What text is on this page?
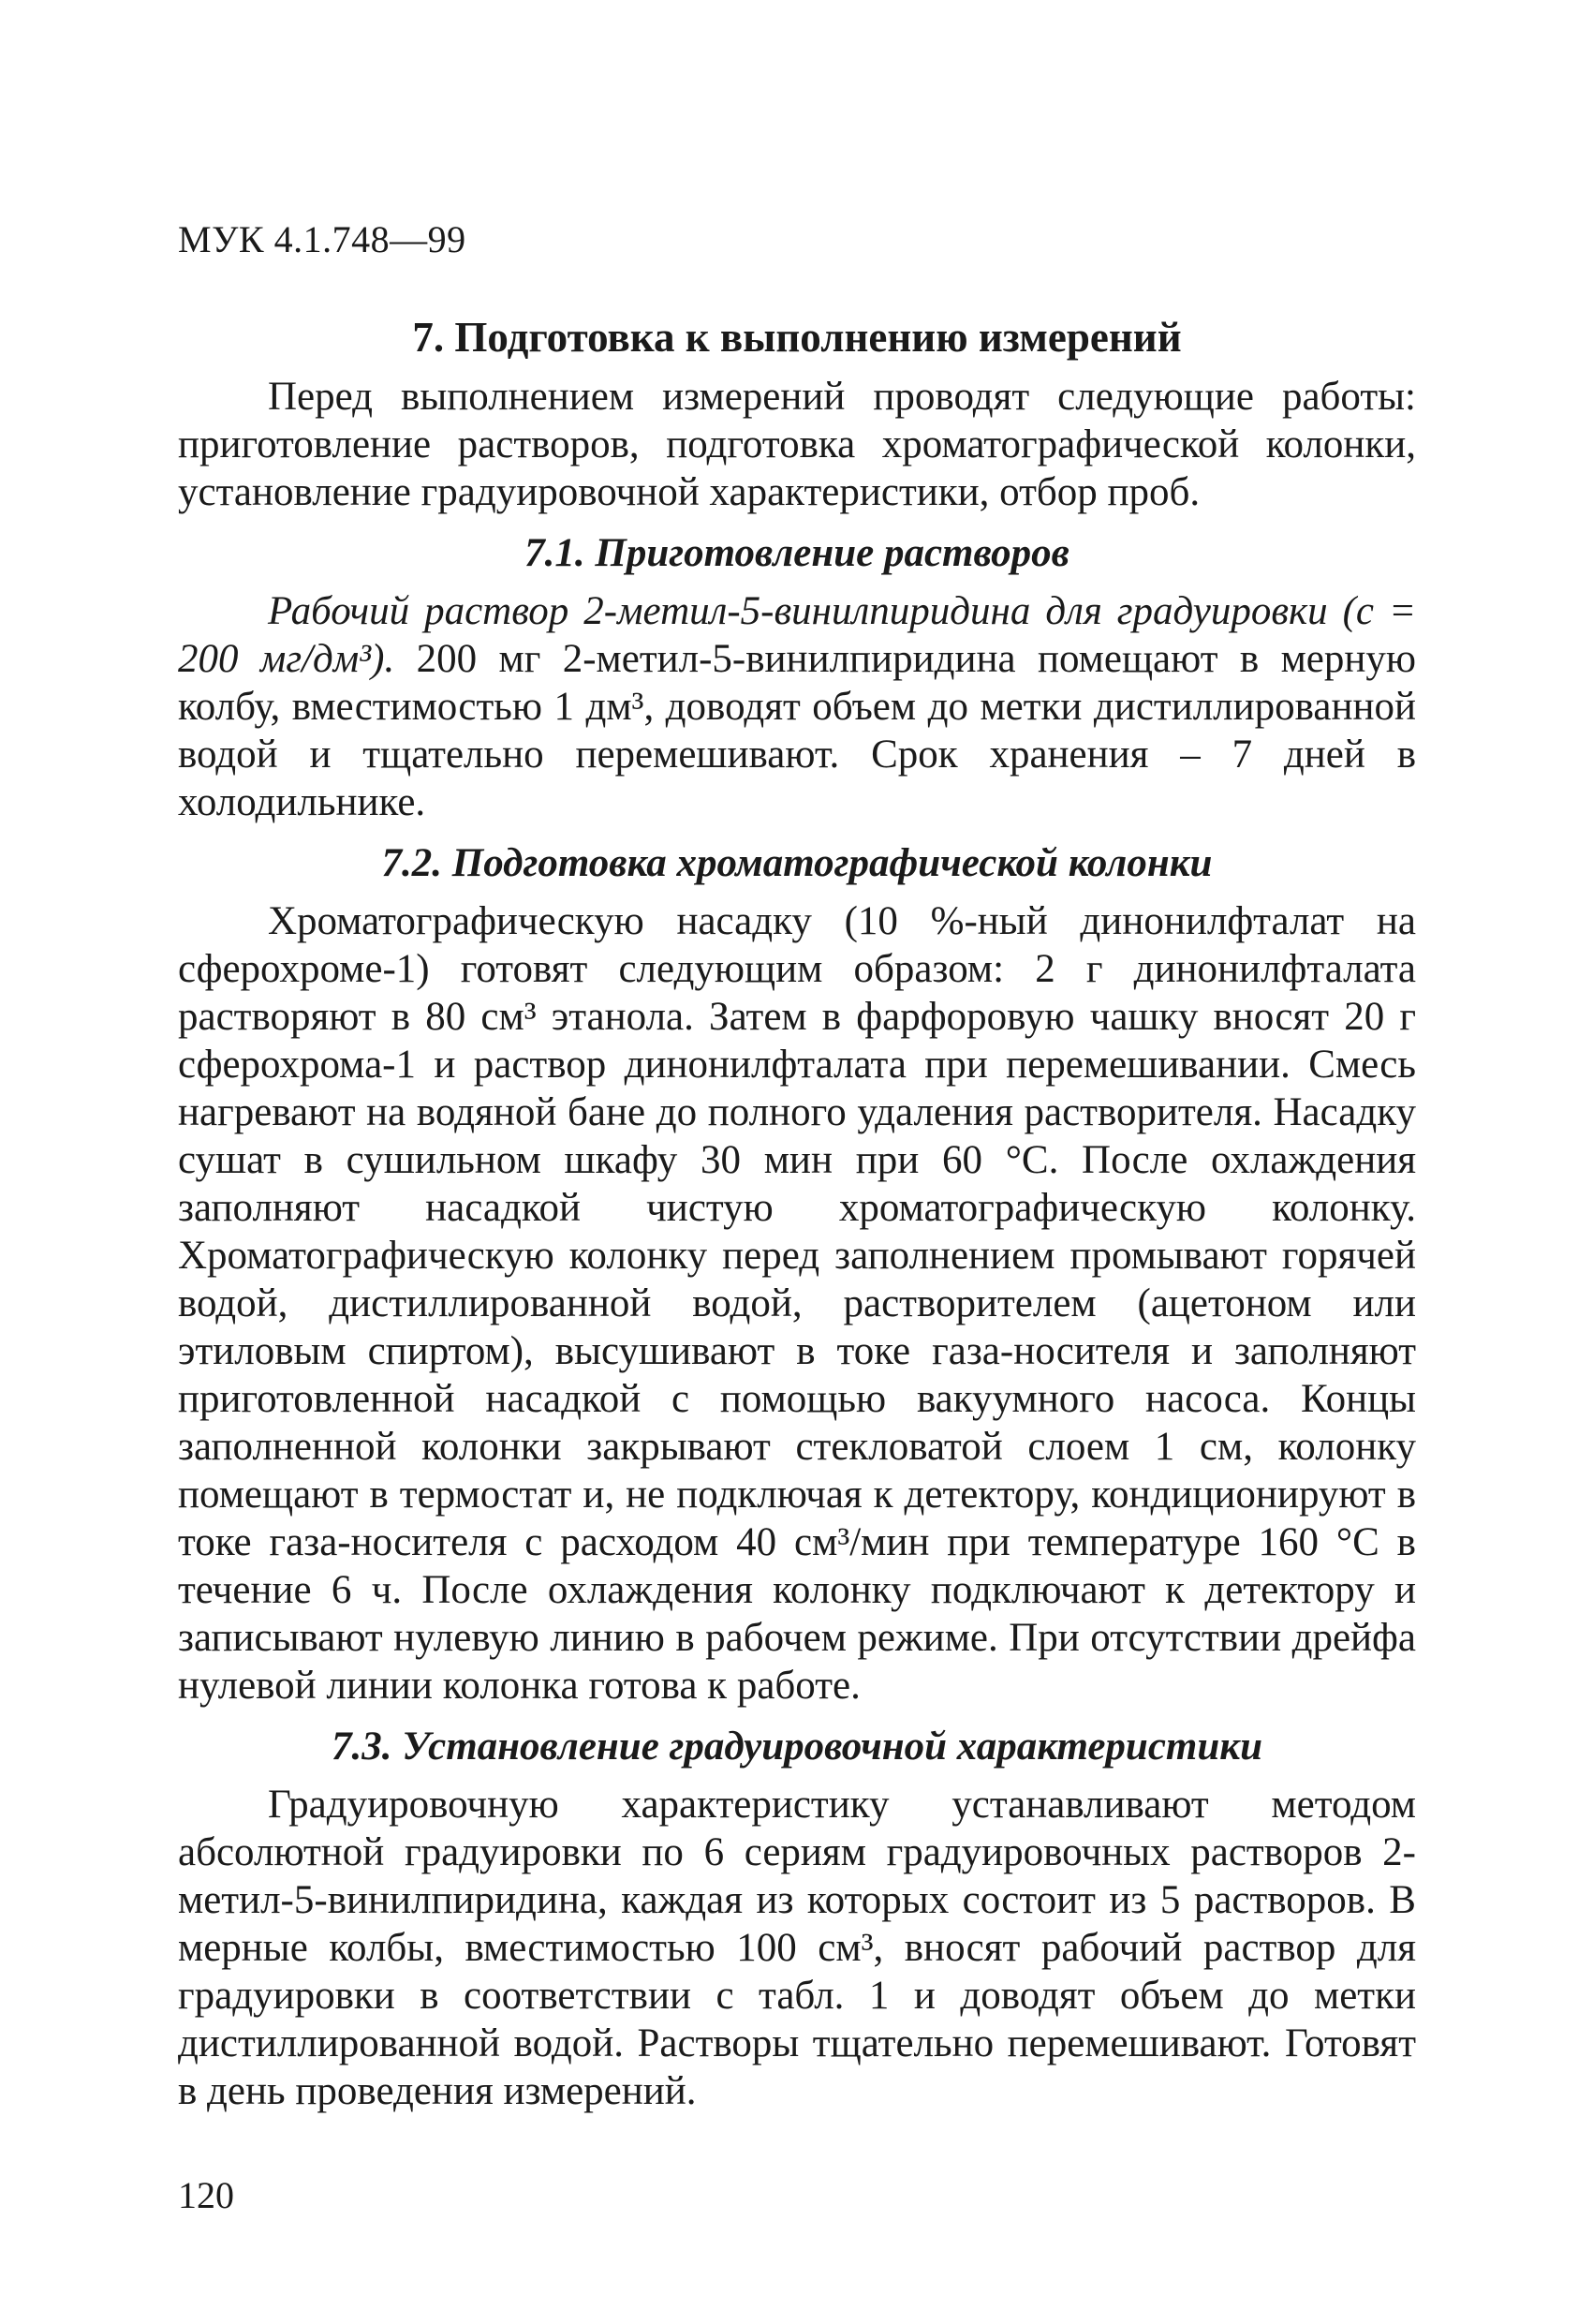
МУК 4.1.748—99
7. Подготовка к выполнению измерений

Перед выполнением измерений проводят следующие работы: приготовление растворов, подготовка хроматографической колонки, установление градуировочной характеристики, отбор проб.

7.1. Приготовление растворов

Рабочий раствор 2-метил-5-винилпиридина для градуировки (с = 200 мг/дм³). 200 мг 2-метил-5-винилпиридина помещают в мерную колбу, вместимостью 1 дм³, доводят объем до метки дистиллированной водой и тщательно перемешивают. Срок хранения – 7 дней в холодильнике.

7.2. Подготовка хроматографической колонки

Хроматографическую насадку (10 %-ный динонилфталат на сферохроме-1) готовят следующим образом: 2 г динонилфталата растворяют в 80 см³ этанола. Затем в фарфоровую чашку вносят 20 г сферохрома-1 и раствор динонилфталата при перемешивании. Смесь нагревают на водяной бане до полного удаления растворителя. Насадку сушат в сушильном шкафу 30 мин при 60 °С. После охлаждения заполняют насадкой чистую хроматографическую колонку. Хроматографическую колонку перед заполнением промывают горячей водой, дистиллированной водой, растворителем (ацетоном или этиловым спиртом), высушивают в токе газа-носителя и заполняют приготовленной насадкой с помощью вакуумного насоса. Концы заполненной колонки закрывают стекловатой слоем 1 см, колонку помещают в термостат и, не подключая к детектору, кондиционируют в токе газа-носителя с расходом 40 см³/мин при температуре 160 °С в течение 6 ч. После охлаждения колонку подключают к детектору и записывают нулевую линию в рабочем режиме. При отсутствии дрейфа нулевой линии колонка готова к работе.

7.3. Установление градуировочной характеристики

Градуировочную характеристику устанавливают методом абсолютной градуировки по 6 сериям градуировочных растворов 2-метил-5-винилпиридина, каждая из которых состоит из 5 растворов. В мерные колбы, вместимостью 100 см³, вносят рабочий раствор для градуировки в соответствии с табл. 1 и доводят объем до метки дистиллированной водой. Растворы тщательно перемешивают. Готовят в день проведения измерений.

120
